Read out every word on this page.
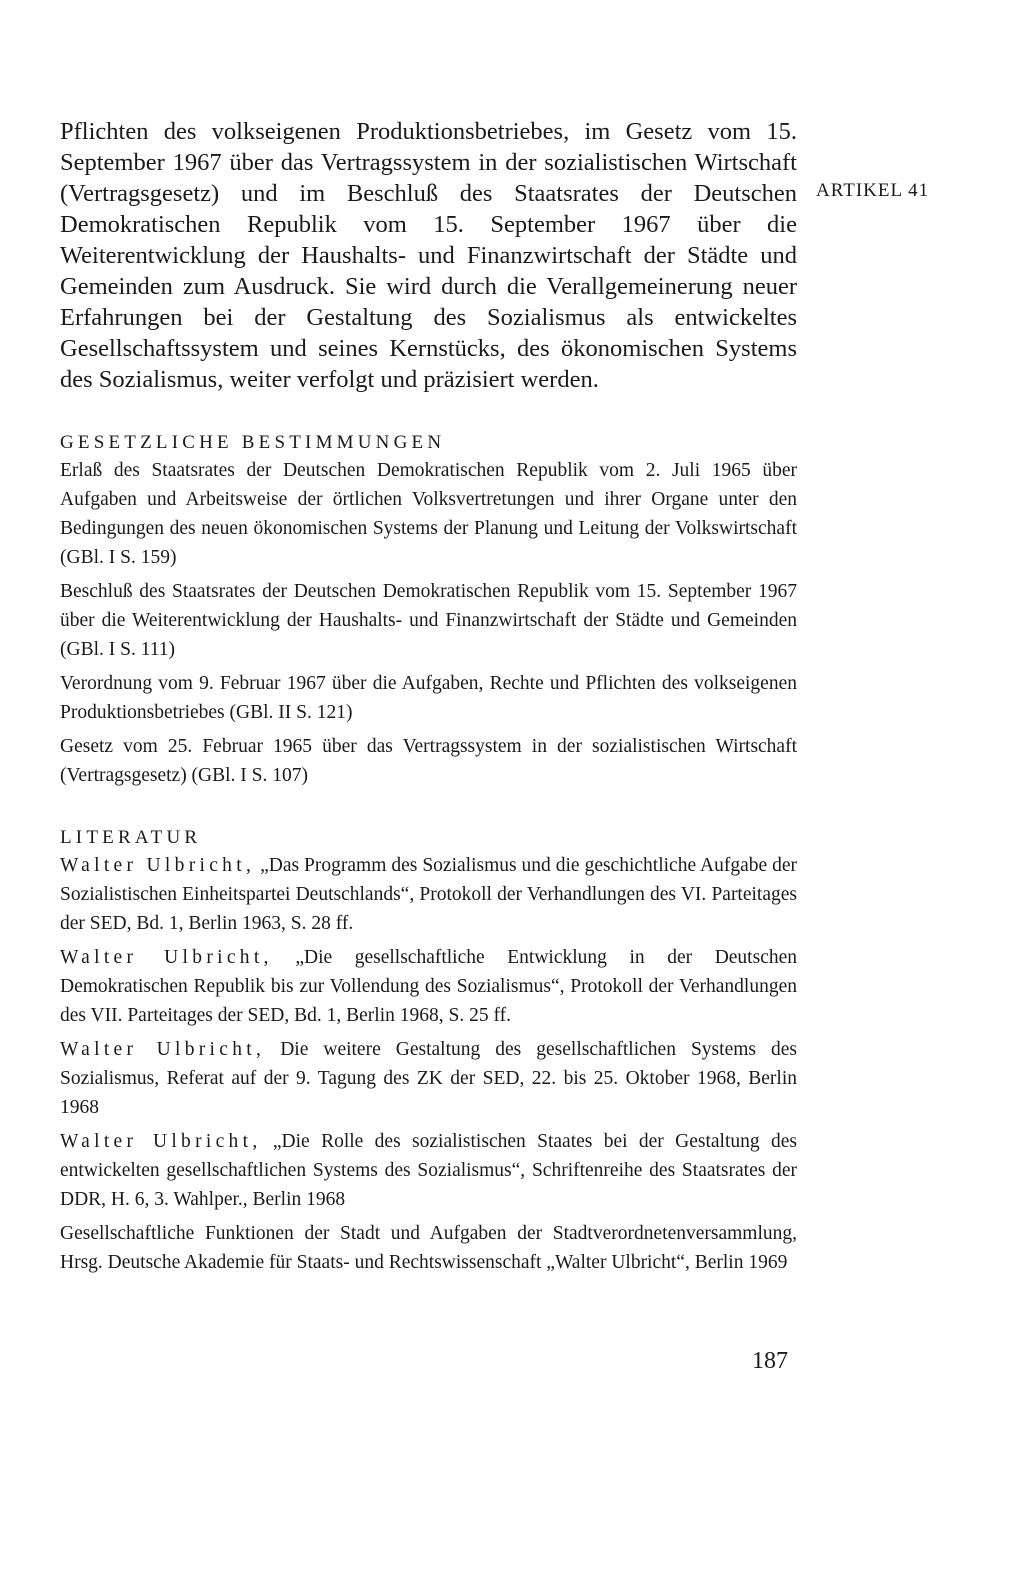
ARTIKEL 41

Pflichten des volkseigenen Produktionsbetriebes, im Gesetz vom 15. September 1967 über das Vertragssystem in der sozialistischen Wirtschaft (Vertragsgesetz) und im Beschluß des Staatsrates der Deutschen Demokratischen Republik vom 15. September 1967 über die Weiterentwicklung der Haushalts- und Finanzwirtschaft der Städte und Gemeinden zum Ausdruck. Sie wird durch die Verallgemeinerung neuer Erfahrungen bei der Gestaltung des Sozialismus als entwickeltes Gesellschaftssystem und seines Kernstücks, des ökonomischen Systems des Sozialismus, weiter verfolgt und präzisiert werden.

GESETZLICHE BESTIMMUNGEN

Erlaß des Staatsrates der Deutschen Demokratischen Republik vom 2. Juli 1965 über Aufgaben und Arbeitsweise der örtlichen Volksvertretungen und ihrer Organe unter den Bedingungen des neuen ökonomischen Systems der Planung und Leitung der Volkswirtschaft (GBl. I S. 159)

Beschluß des Staatsrates der Deutschen Demokratischen Republik vom 15. September 1967 über die Weiterentwicklung der Haushalts- und Finanzwirtschaft der Städte und Gemeinden (GBl. I S. 111)

Verordnung vom 9. Februar 1967 über die Aufgaben, Rechte und Pflichten des volkseigenen Produktionsbetriebes (GBl. II S. 121)

Gesetz vom 25. Februar 1965 über das Vertragssystem in der sozialistischen Wirtschaft (Vertragsgesetz) (GBl. I S. 107)

LITERATUR

Walter Ulbricht, „Das Programm des Sozialismus und die geschichtliche Aufgabe der Sozialistischen Einheitspartei Deutschlands“, Protokoll der Verhandlungen des VI. Parteitages der SED, Bd. 1, Berlin 1963, S. 28 ff.

Walter Ulbricht, „Die gesellschaftliche Entwicklung in der Deutschen Demokratischen Republik bis zur Vollendung des Sozialismus“, Protokoll der Verhandlungen des VII. Parteitages der SED, Bd. 1, Berlin 1968, S. 25 ff.

Walter Ulbricht, Die weitere Gestaltung des gesellschaftlichen Systems des Sozialismus, Referat auf der 9. Tagung des ZK der SED, 22. bis 25. Oktober 1968, Berlin 1968

Walter Ulbricht, „Die Rolle des sozialistischen Staates bei der Gestaltung des entwickelten gesellschaftlichen Systems des Sozialismus“, Schriftenreihe des Staatsrates der DDR, H. 6, 3. Wahlper., Berlin 1968

Gesellschaftliche Funktionen der Stadt und Aufgaben der Stadtverordnetenversammlung, Hrsg. Deutsche Akademie für Staats- und Rechtswissenschaft „Walter Ulbricht“, Berlin 1969

187
